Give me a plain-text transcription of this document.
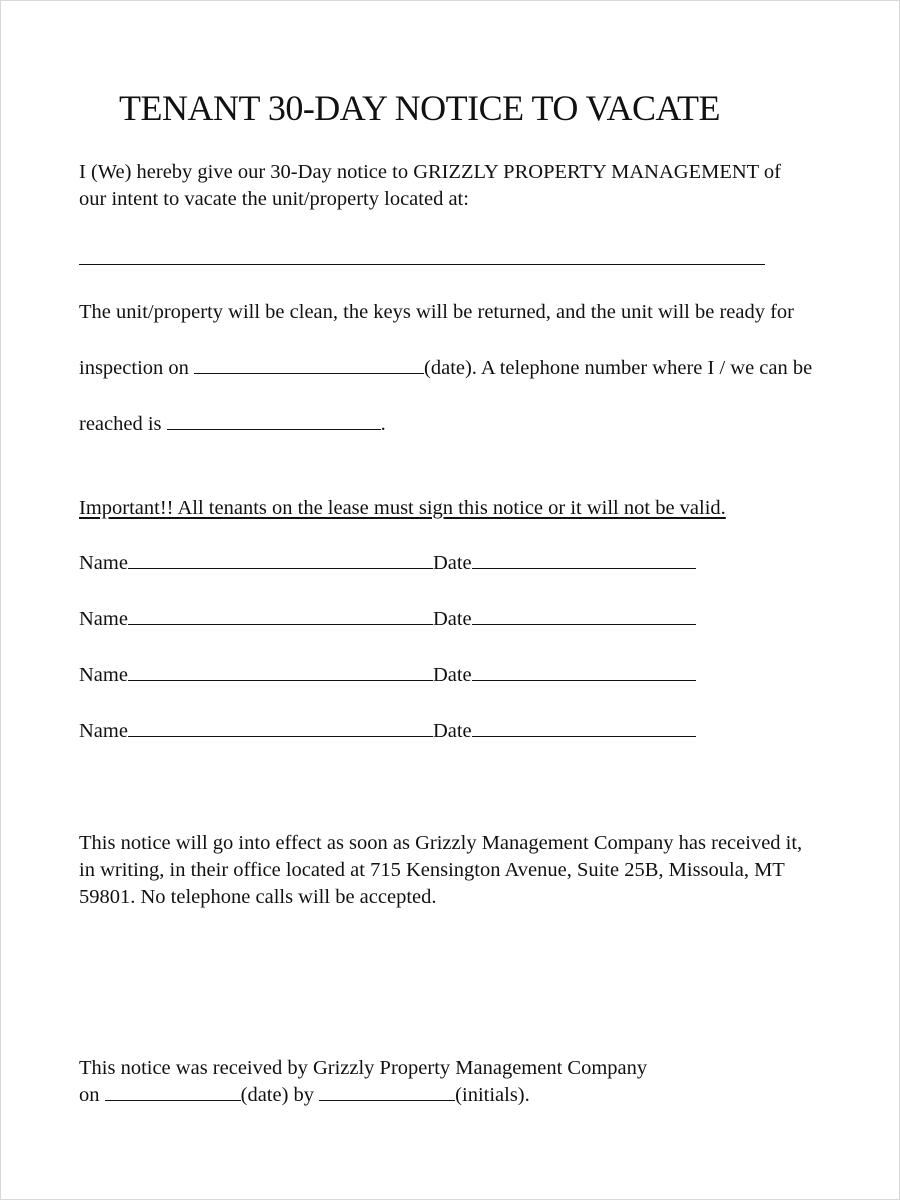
TENANT 30-DAY NOTICE TO VACATE
I (We) hereby give our 30-Day notice to GRIZZLY PROPERTY MANAGEMENT of
our intent to vacate the unit/property located at:
The unit/property will be clean, the keys will be returned, and the unit will be ready for
inspection on	(date). A telephone number where I / we can be
reached is	.
Important!! All tenants on the lease must sign this notice or it will not be valid.
Name	Date
Name	Date
Name	Date
Name	Date
This notice will go into effect as soon as Grizzly Management Company has received it,
in writing, in their office located at 715 Kensington Avenue, Suite 25B, Missoula, MT
59801. No telephone calls will be accepted.
This notice was received by Grizzly Property Management Company
on	(date) by	(initials).
